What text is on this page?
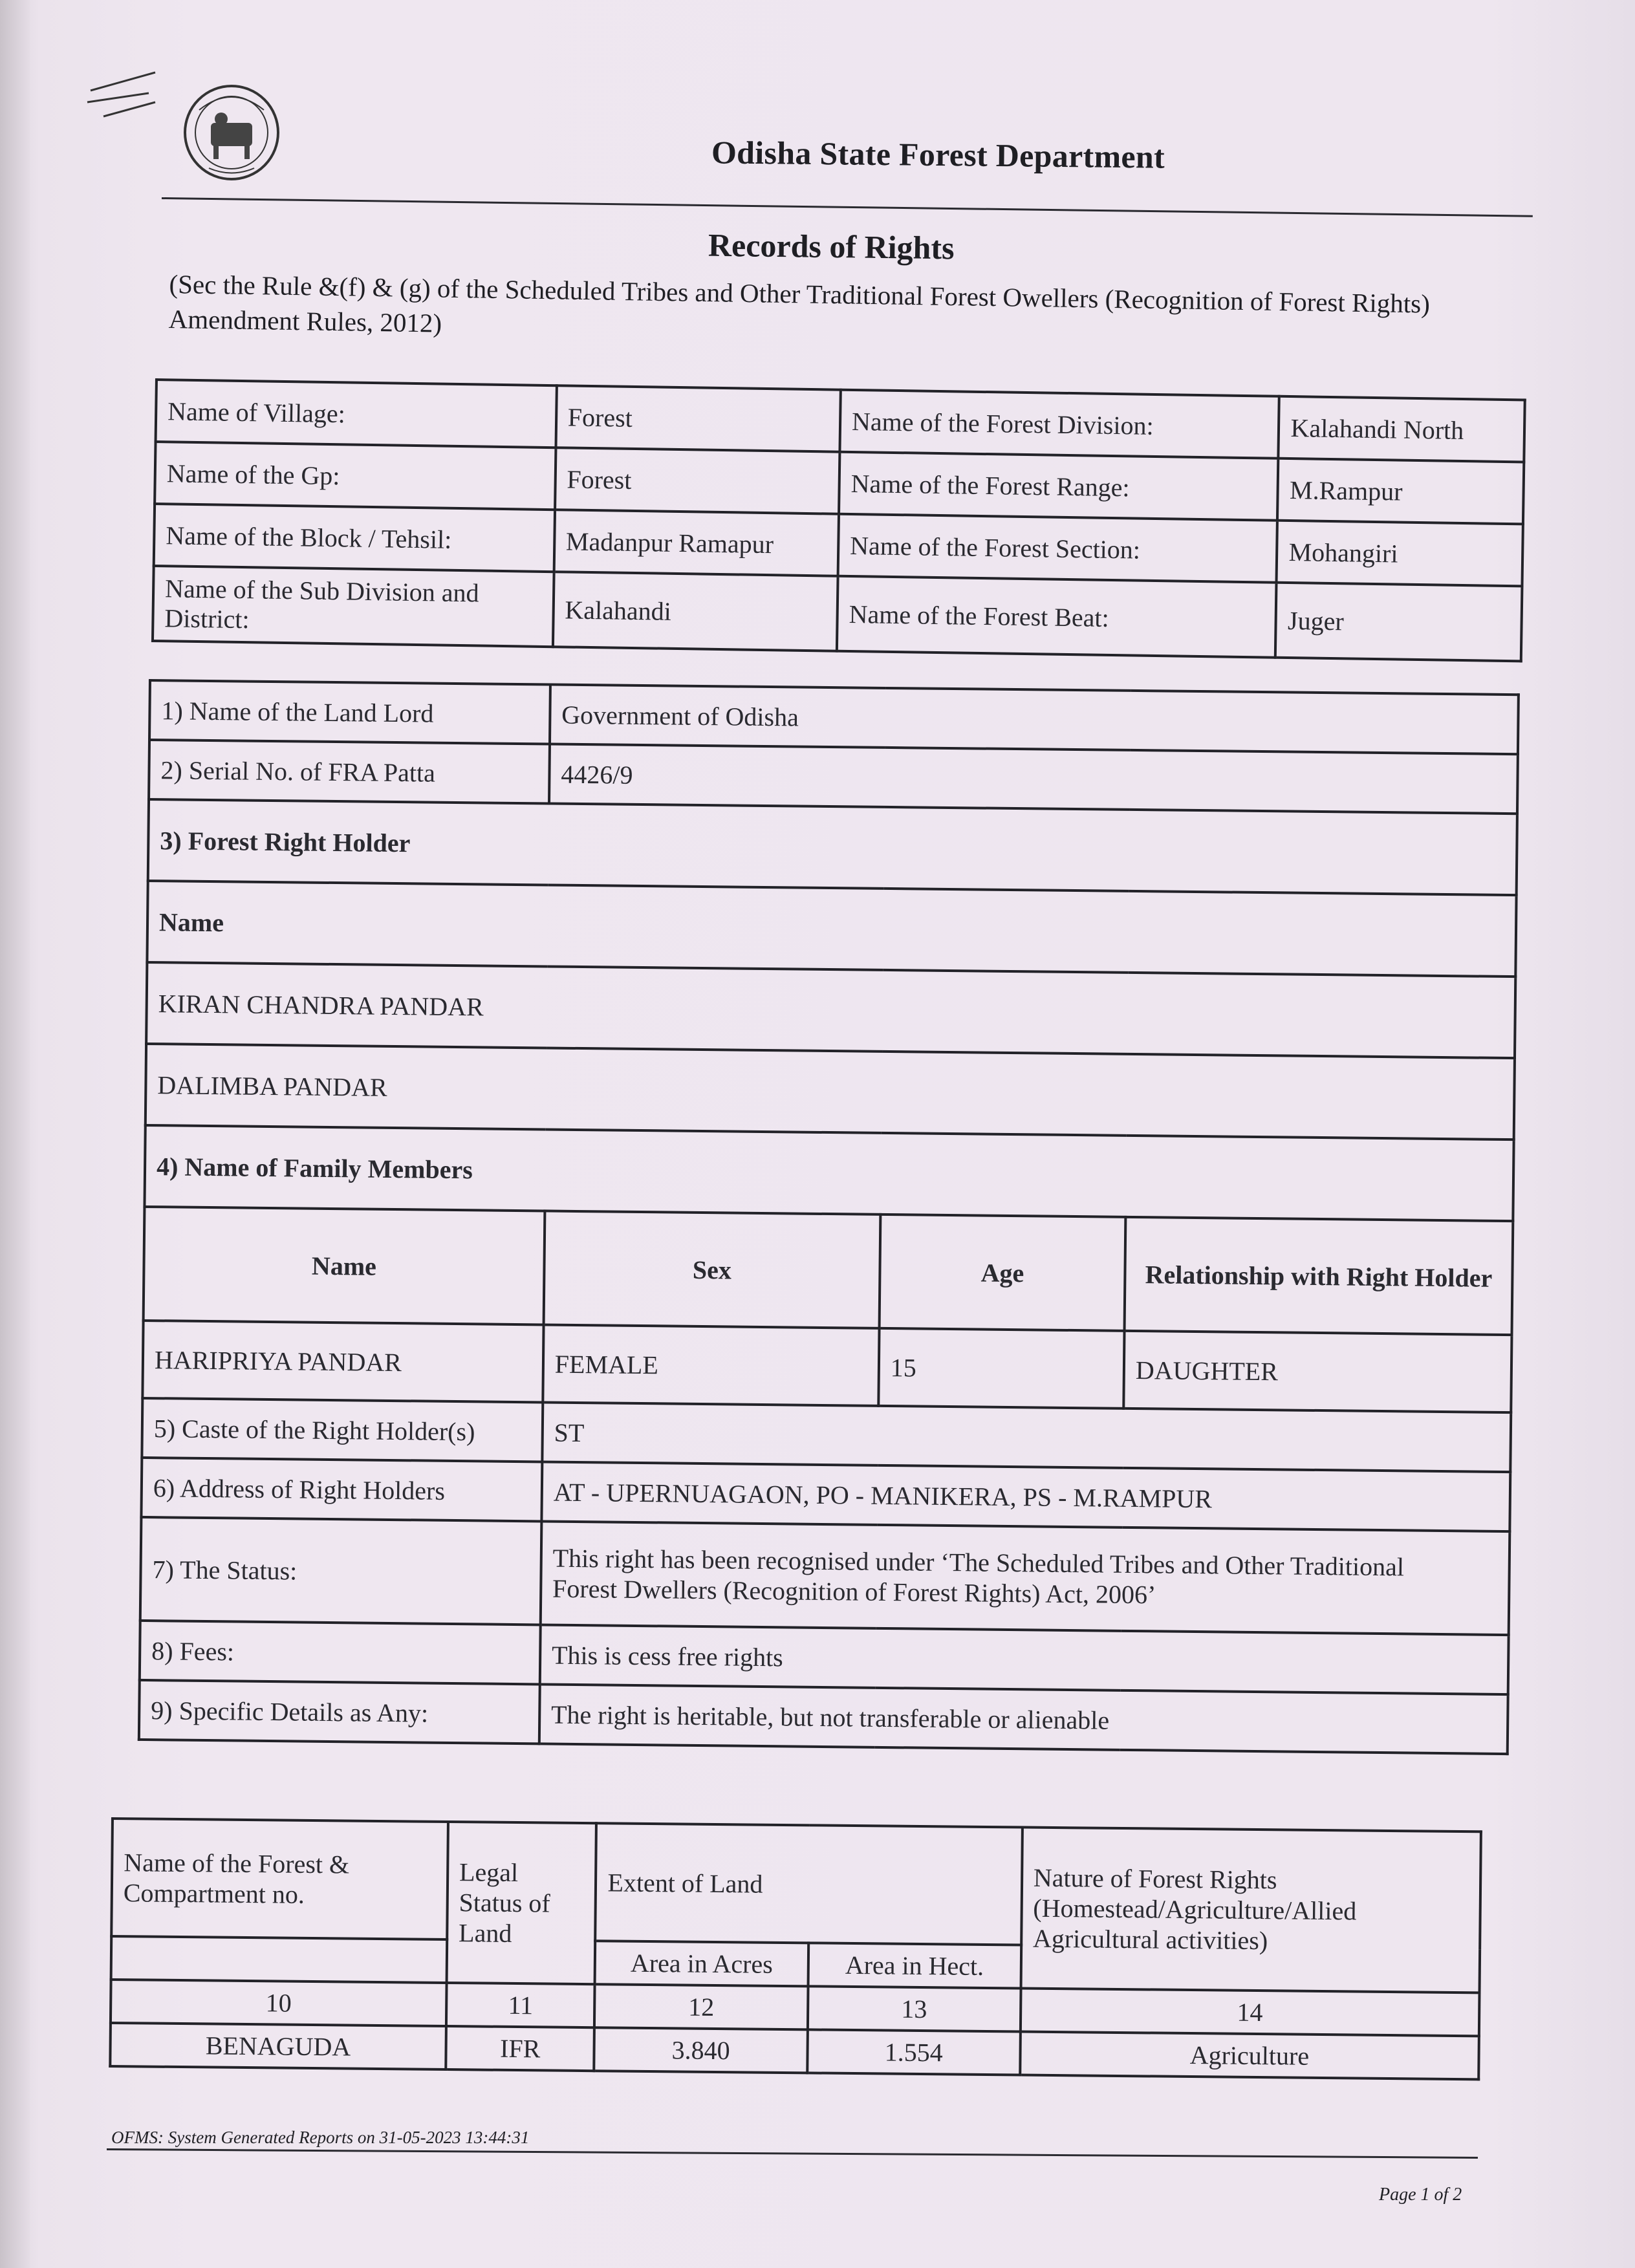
Odisha State Forest Department
Records of Rights
(Sec the Rule &(f) & (g) of the Scheduled Tribes and Other Traditional Forest Owellers (Recognition of Forest Rights) Amendment Rules, 2012)
Name of Village:	Forest	Name of the Forest Division:	Kalahandi North
Name of the Gp:	Forest	Name of the Forest Range:	M.Rampur
Name of the Block / Tehsil:	Madanpur Ramapur	Name of the Forest Section:	Mohangiri
Name of the Sub Division and District:	Kalahandi	Name of the Forest Beat:	Juger
1) Name of the Land Lord	Government of Odisha		
2) Serial No. of FRA Patta	4426/9		
3) Forest Right Holder			
Name			
KIRAN CHANDRA PANDAR			
DALIMBA PANDAR			
4) Name of Family Members			
Name	Sex	Age	Relationship with Right Holder
HARIPRIYA PANDAR	FEMALE	15	DAUGHTER
5) Caste of the Right Holder(s)	ST		
6) Address of Right Holders	AT - UPERNUAGAON, PO - MANIKERA, PS - M.RAMPUR		
7) The Status:	This right has been recognised under ‘The Scheduled Tribes and Other Traditional
Forest Dwellers (Recognition of Forest Rights) Act, 2006’		

8) Fees:	This is cess free rights		
9) Specific Details as Any:	The right is heritable, but not transferable or alienable		
Name of the Forest & Compartment no.	Legal Status of Land	Extent of Land		Nature of Forest Rights (Homestead/Agriculture/Allied Agricultural activities)
		Area in Acres	Area in Hect.	
10	11	12	13	14
BENAGUDA	IFR	3.840	1.554	Agriculture
OFMS: System Generated Reports on 31-05-2023 13:44:31
Page 1 of 2
